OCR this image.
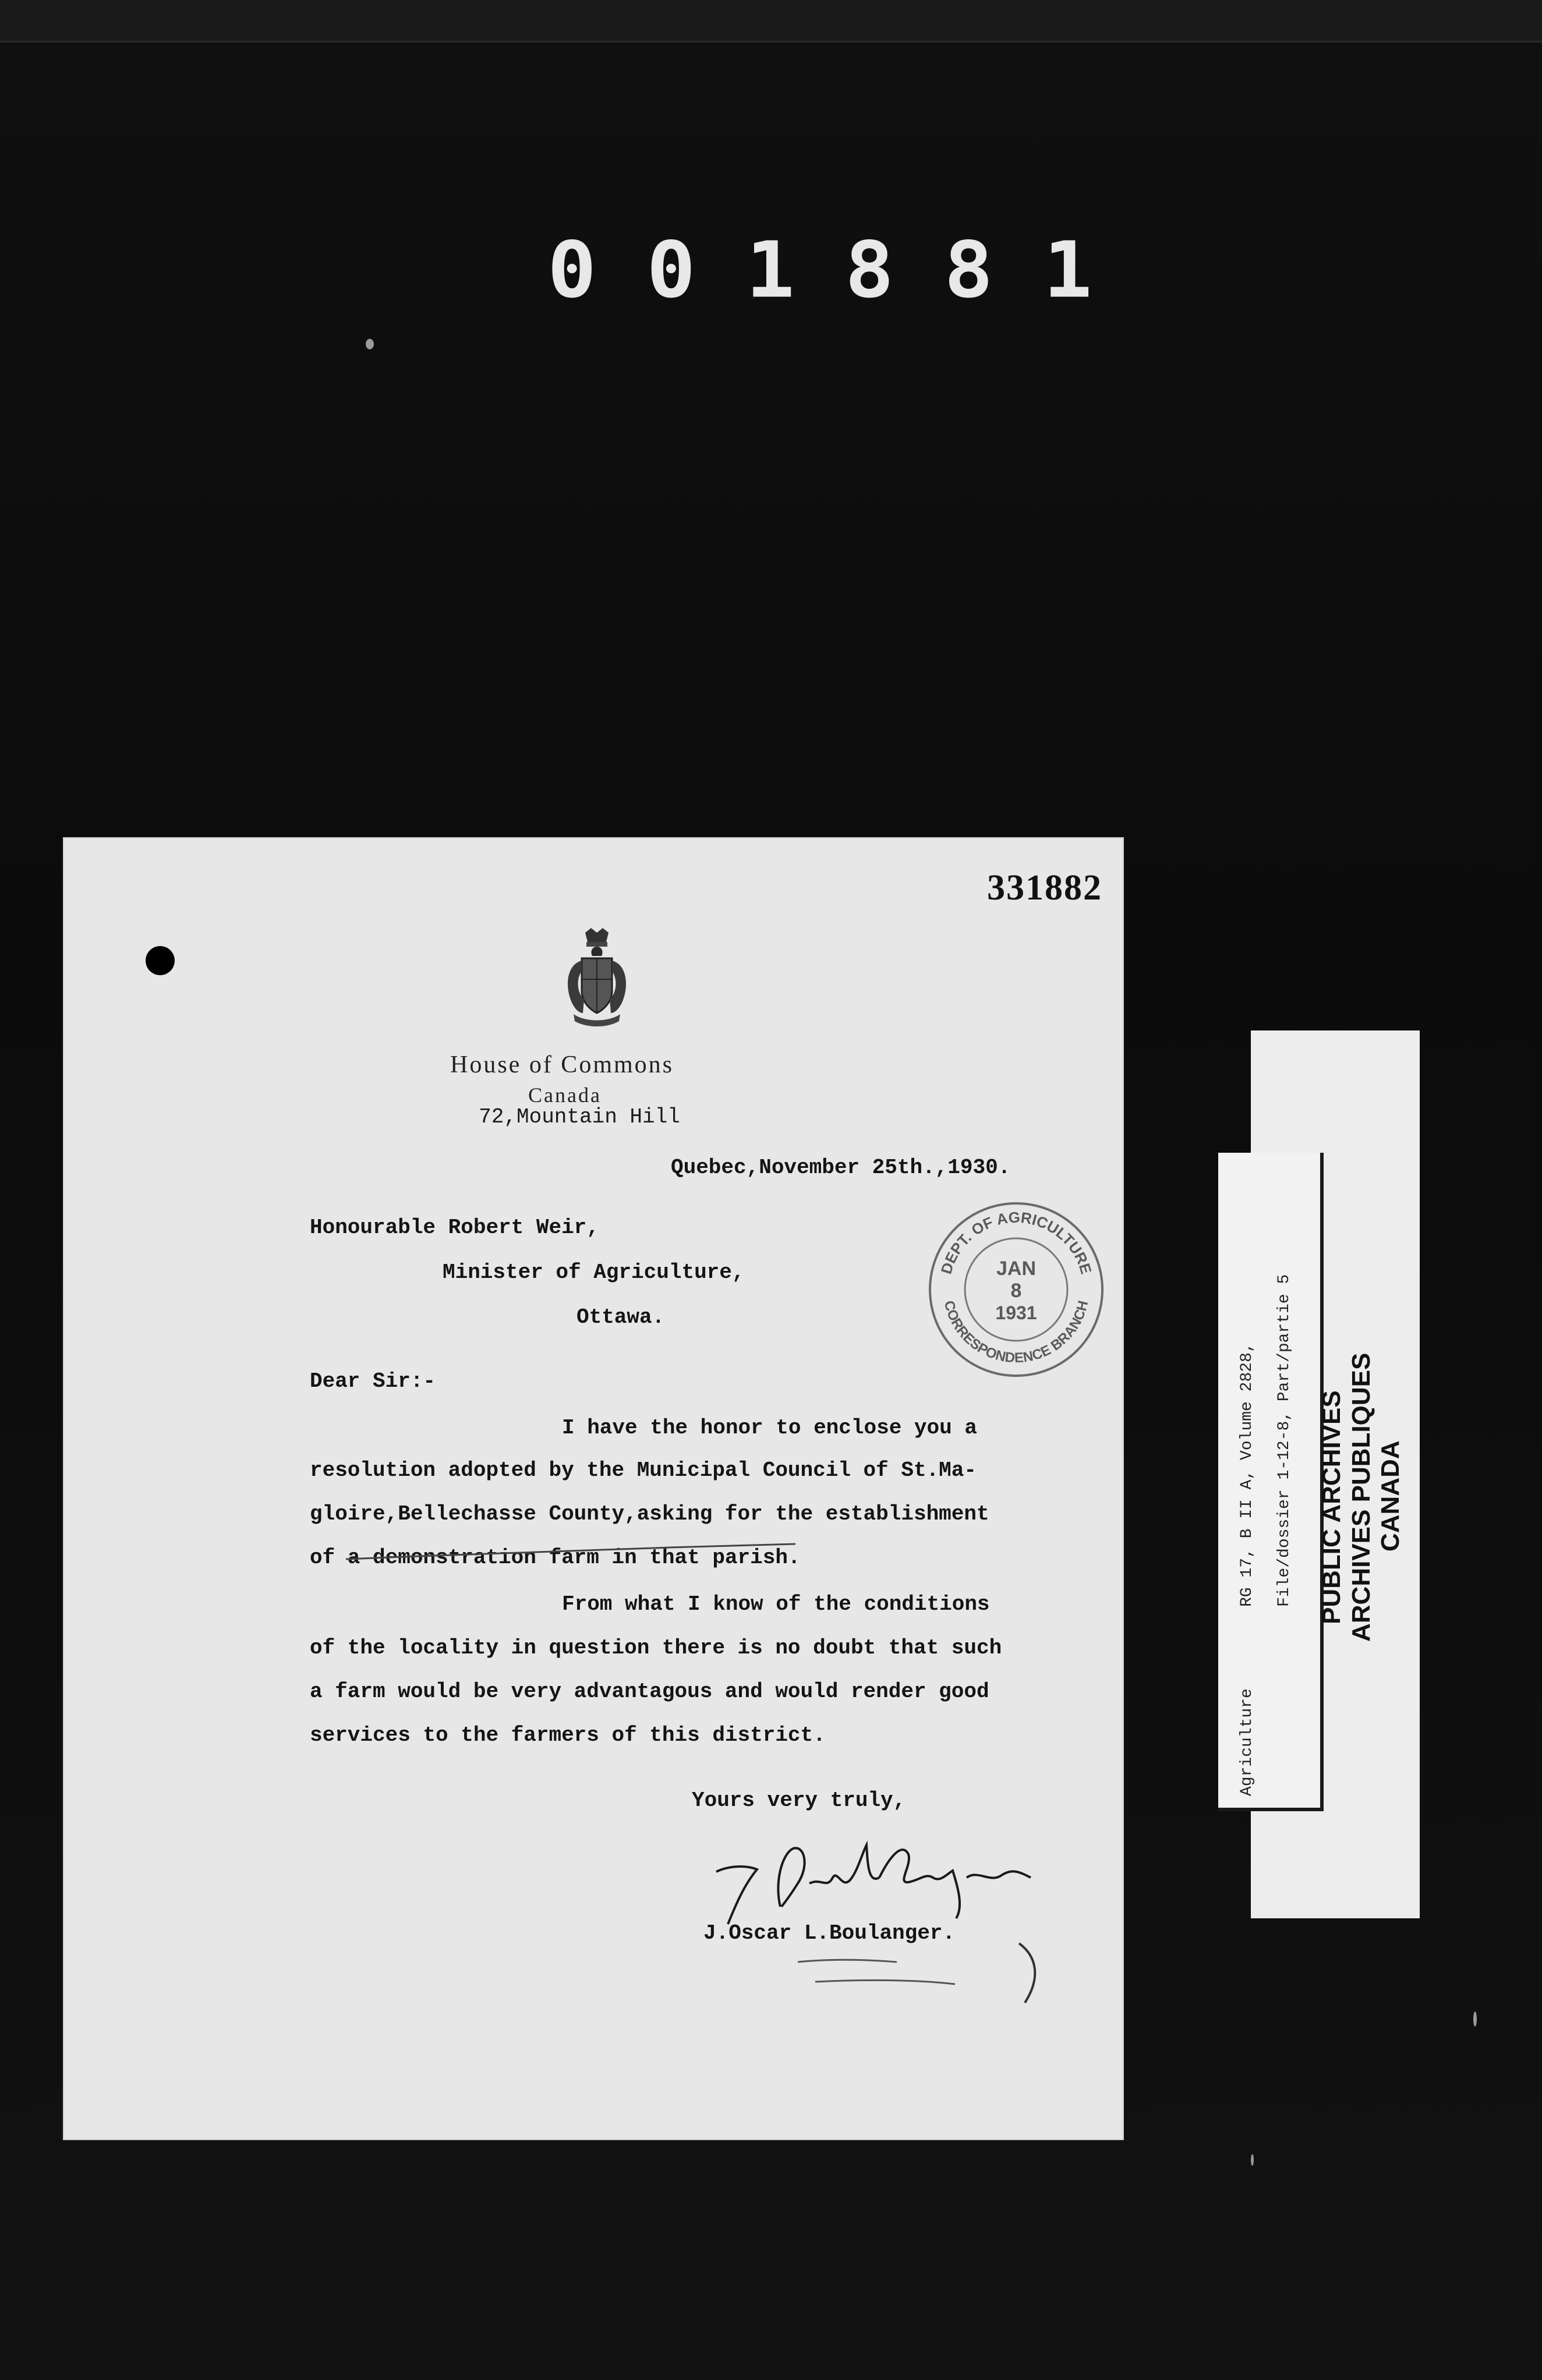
001881
331882
House of Commons
Canada
72,Mountain Hill
Quebec,November 25th.,1930.
Honourable Robert Weir,
Minister of Agriculture,
Ottawa.
Dear Sir:-
I have the honor to enclose you a
resolution adopted by the Municipal Council of St.Ma-
gloire,Bellechasse County,asking for the establishment
of a demonstration farm in that parish.
From what I know of the conditions
of the locality in question there is no doubt that such
a farm would be very advantagous and would render good
services to the farmers of this district.
Yours very truly,
J.Oscar L.Boulanger.
DEPT. OF AGRICULTURE
CORRESPONDENCE BRANCH
JAN
8
1931
Agriculture
RG 17, B II A, Volume 2828, File/dossier 1-12-8, Part/partie 5 PUBLIC ARCHIVES ARCHIVES PUBLIQUES CANADA
